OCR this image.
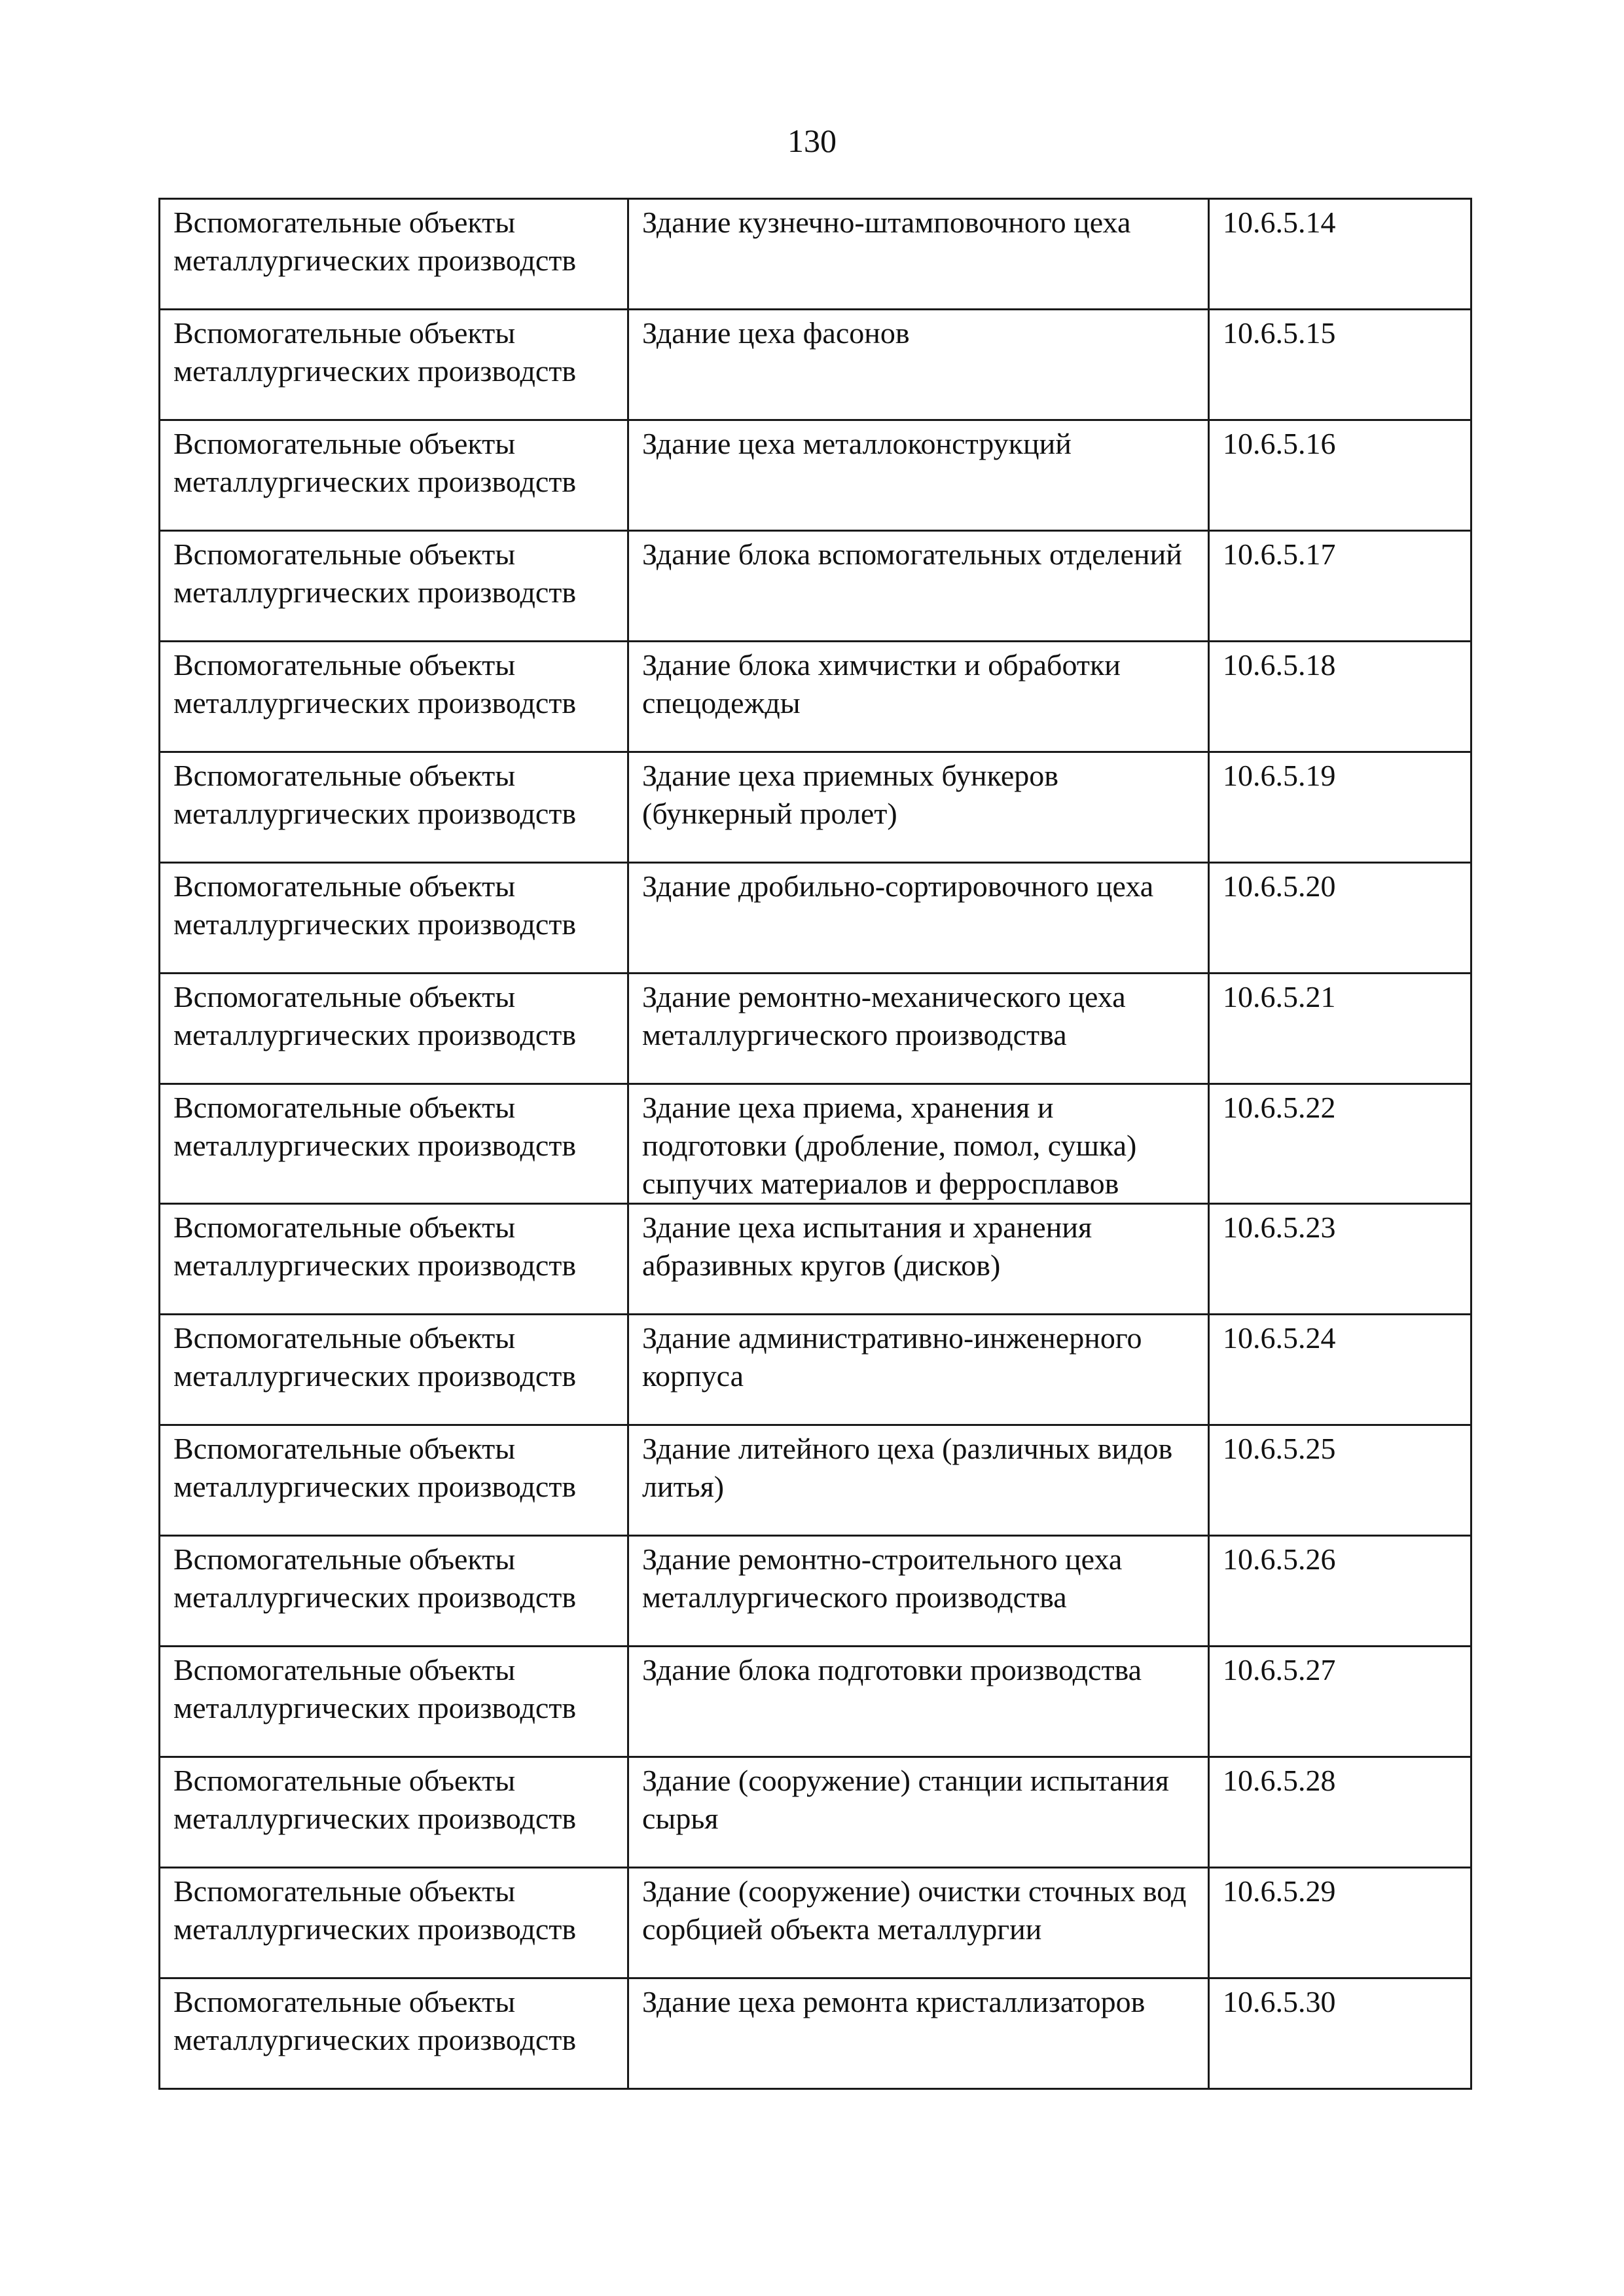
130
Вспомогательные объекты металлургических производств	Здание кузнечно-штамповочного цеха	10.6.5.14
Вспомогательные объекты металлургических производств	Здание цеха фасонов	10.6.5.15
Вспомогательные объекты металлургических производств	Здание цеха металлоконструкций	10.6.5.16
Вспомогательные объекты металлургических производств	Здание блока вспомогательных отделений	10.6.5.17
Вспомогательные объекты металлургических производств	Здание блока химчистки и обработки спецодежды	10.6.5.18
Вспомогательные объекты металлургических производств	Здание цеха приемных бункеров (бункерный пролет)	10.6.5.19
Вспомогательные объекты металлургических производств	Здание дробильно-сортировочного цеха	10.6.5.20
Вспомогательные объекты металлургических производств	Здание ремонтно-механического цеха металлургического производства	10.6.5.21
Вспомогательные объекты металлургических производств	Здание цеха приема, хранения и подготовки (дробление, помол, сушка) сыпучих материалов и ферросплавов	10.6.5.22
Вспомогательные объекты металлургических производств	Здание цеха испытания и хранения абразивных кругов (дисков)	10.6.5.23
Вспомогательные объекты металлургических производств	Здание административно-инженерного корпуса	10.6.5.24
Вспомогательные объекты металлургических производств	Здание литейного цеха (различных видов литья)	10.6.5.25
Вспомогательные объекты металлургических производств	Здание ремонтно-строительного цеха металлургического производства	10.6.5.26
Вспомогательные объекты металлургических производств	Здание блока подготовки производства	10.6.5.27
Вспомогательные объекты металлургических производств	Здание (сооружение) станции испытания сырья	10.6.5.28
Вспомогательные объекты металлургических производств	Здание (сооружение) очистки сточных вод сорбцией объекта металлургии	10.6.5.29
Вспомогательные объекты металлургических производств	Здание цеха ремонта кристаллизаторов	10.6.5.30
